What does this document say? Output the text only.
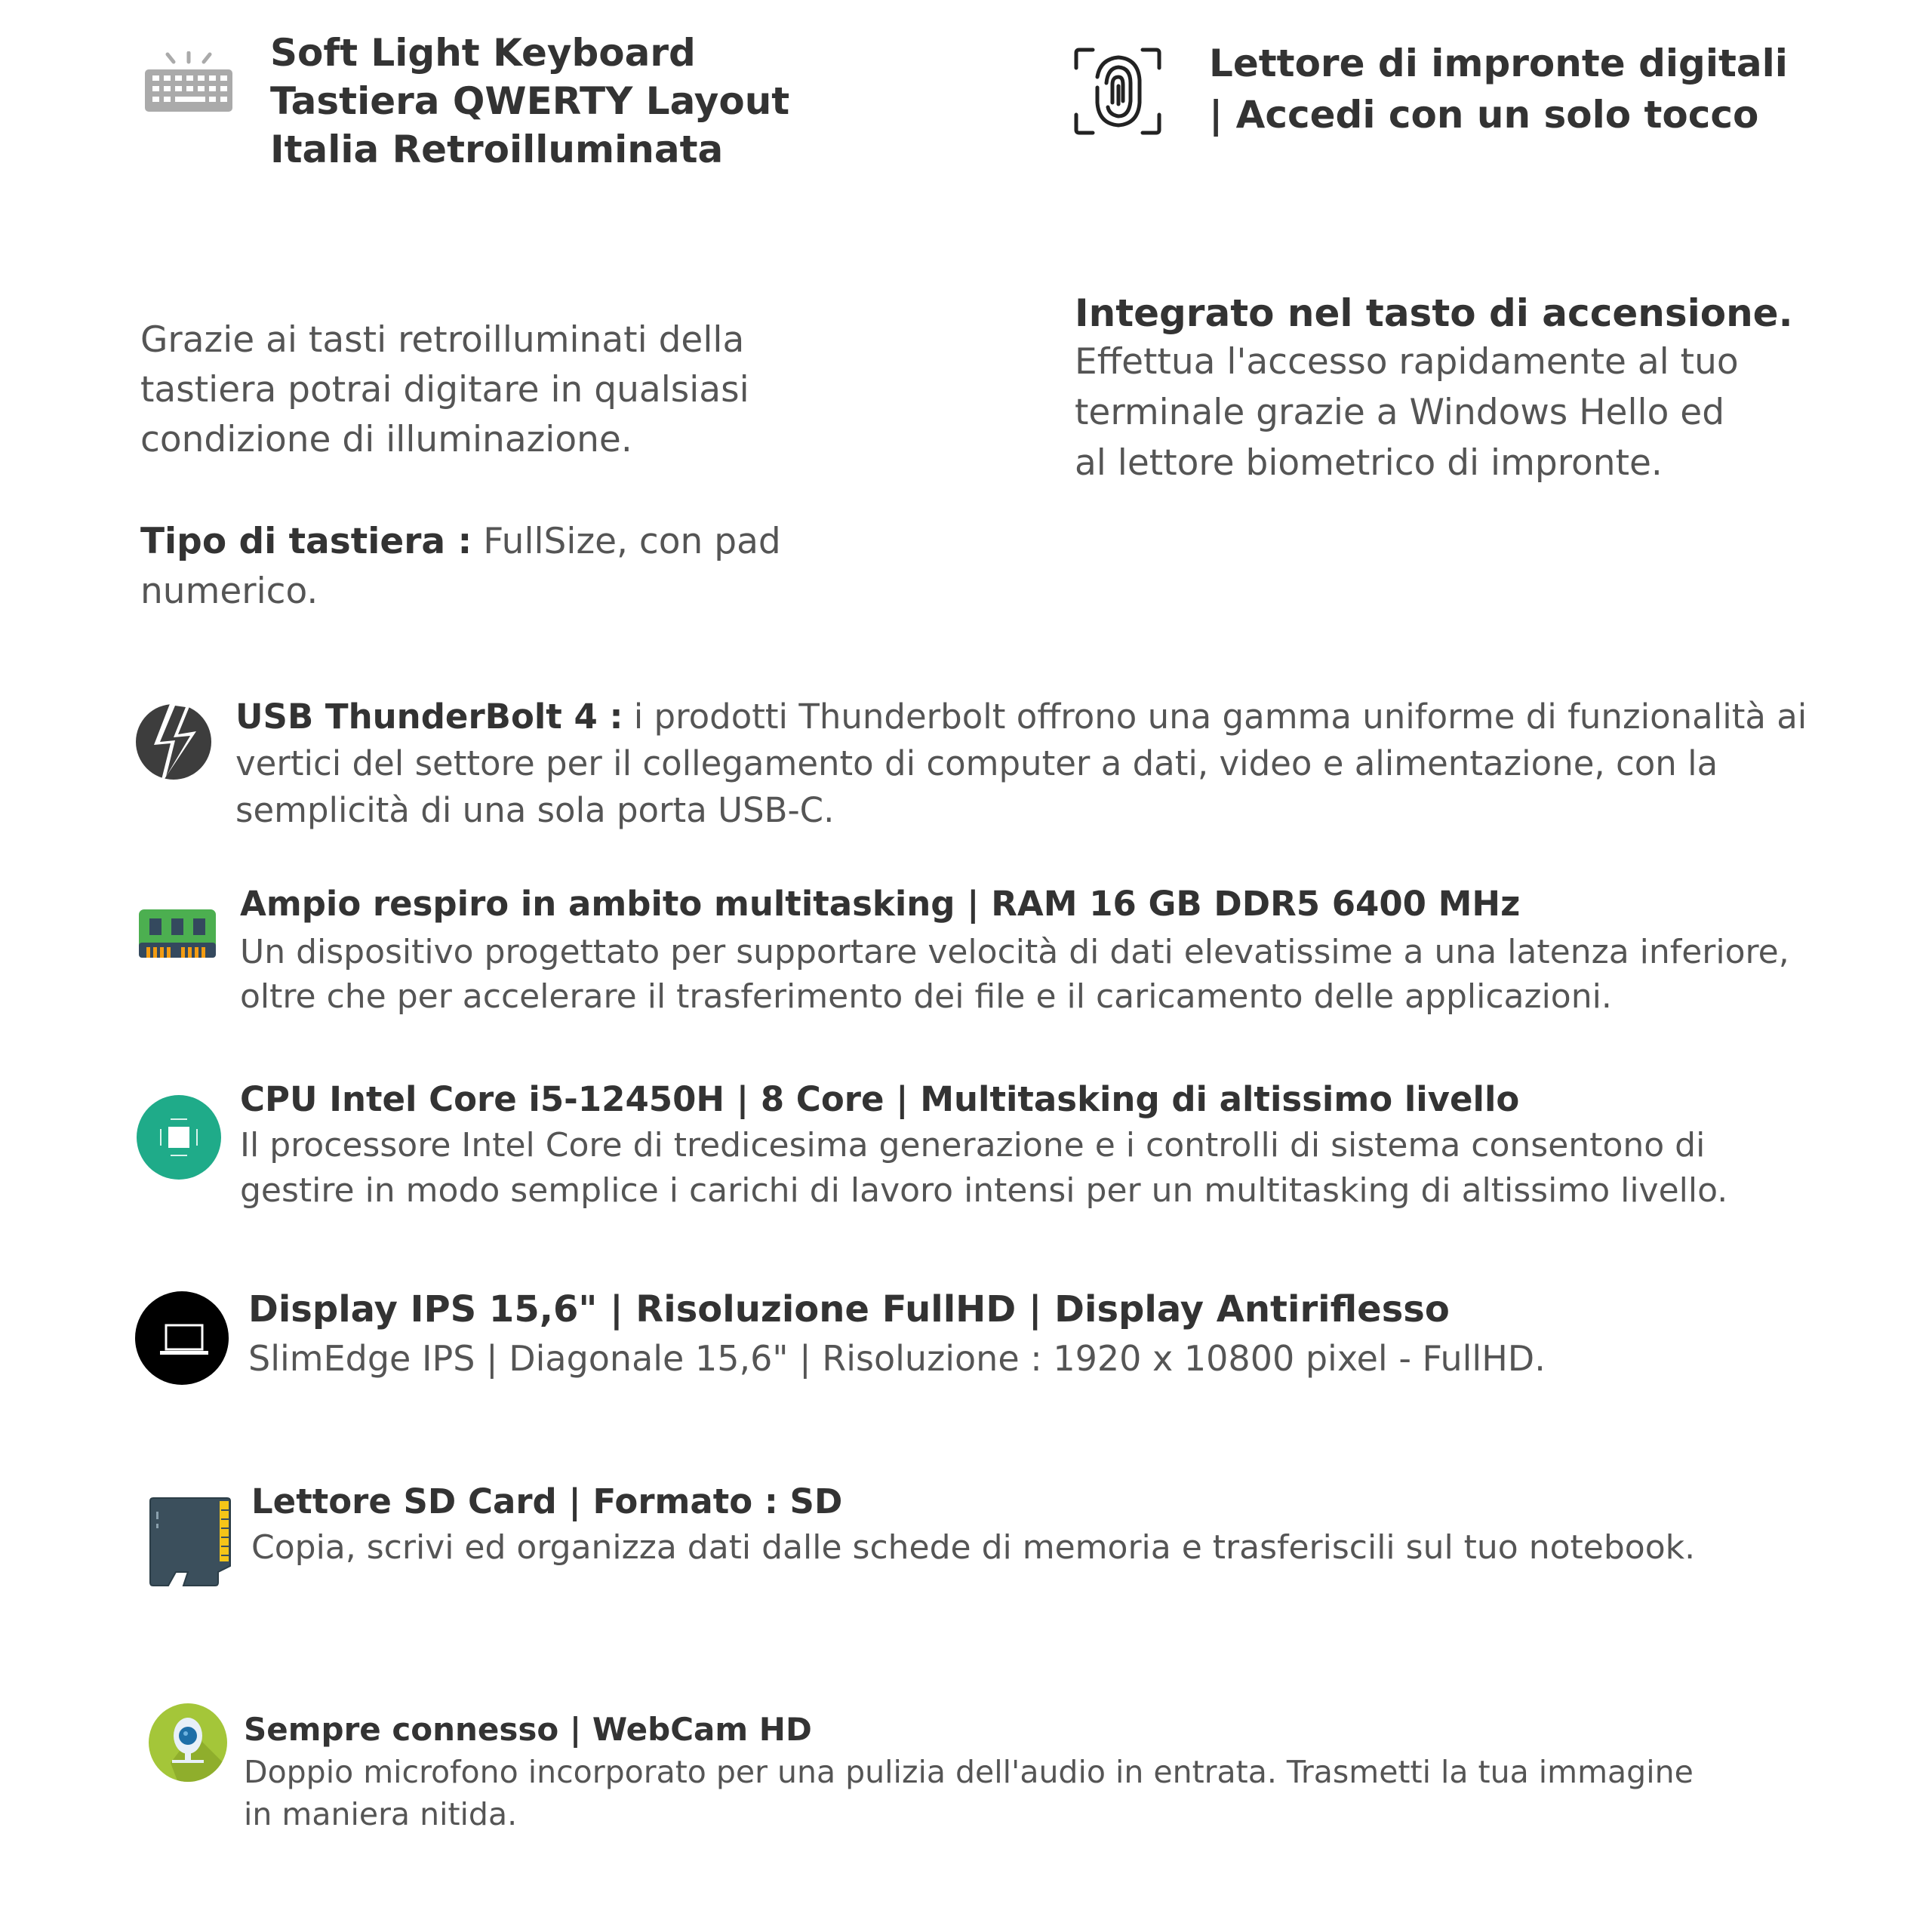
Soft Light Keyboard
Tastiera QWERTY Layout
Italia Retroilluminata
Grazie ai tasti retroilluminati della
tastiera potrai digitare in qualsiasi
condizione di illuminazione.
Tipo di tastiera : FullSize, con pad
numerico.
Lettore di impronte digitali
| Accedi con un solo tocco
Integrato nel tasto di accensione.
Effettua l'accesso rapidamente al tuo
terminale grazie a Windows Hello ed
al lettore biometrico di impronte.
USB ThunderBolt 4 : i prodotti Thunderbolt offrono una gamma uniforme di funzionalità ai
vertici del settore per il collegamento di computer a dati, video e alimentazione, con la
semplicità di una sola porta USB-C.
Ampio respiro in ambito multitasking | RAM 16 GB DDR5 6400 MHz
Un dispositivo progettato per supportare velocità di dati elevatissime a una latenza inferiore,
oltre che per accelerare il trasferimento dei file e il caricamento delle applicazioni.
CPU Intel Core i5-12450H | 8 Core | Multitasking di altissimo livello
Il processore Intel Core di tredicesima generazione e i controlli di sistema consentono di
gestire in modo semplice i carichi di lavoro intensi per un multitasking di altissimo livello.
Display IPS 15,6" | Risoluzione FullHD | Display Antiriflesso
SlimEdge IPS | Diagonale 15,6" | Risoluzione : 1920 x 10800 pixel - FullHD.
Lettore SD Card | Formato : SD
Copia, scrivi ed organizza dati dalle schede di memoria e trasferiscili sul tuo notebook.
Sempre connesso | WebCam HD
Doppio microfono incorporato per una pulizia dell'audio in entrata. Trasmetti la tua immagine
in maniera nitida.
